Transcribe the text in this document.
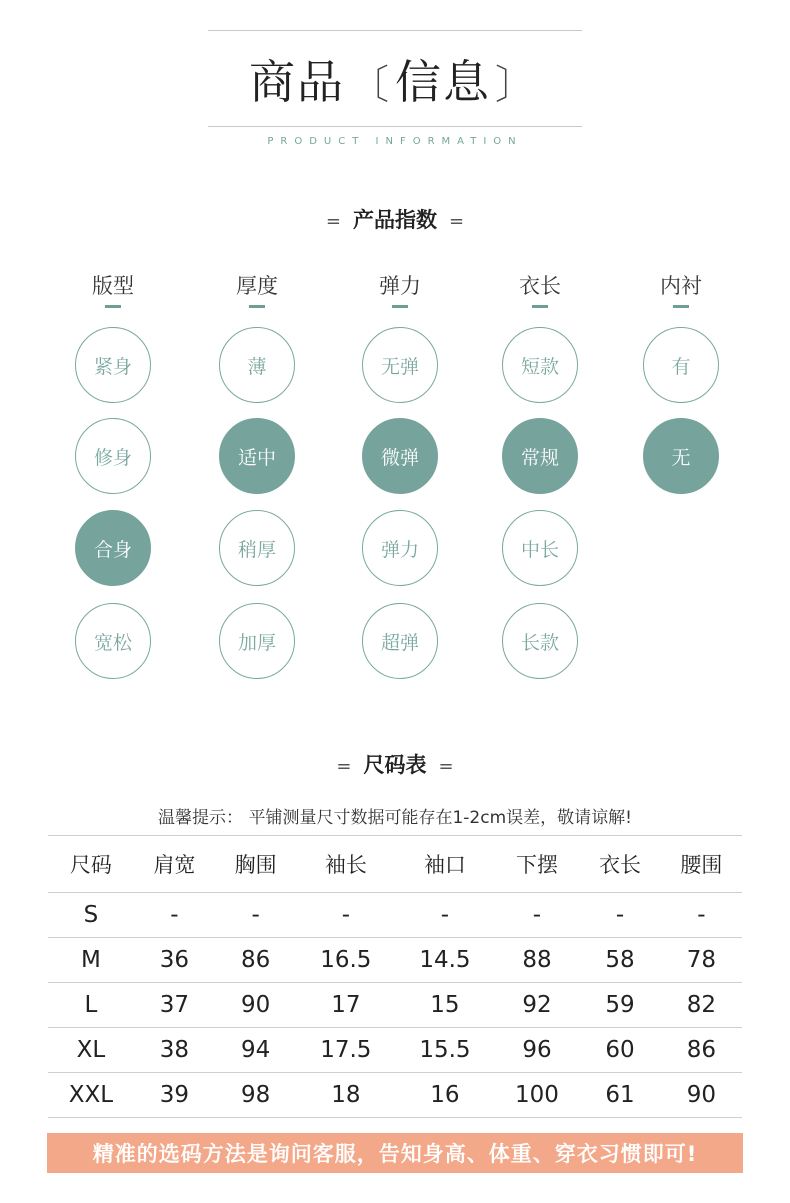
商品 〔信息 〕
PRODUCT INFORMATION
= 产品指数 =
版型
紧身
修身
合身
宽松
厚度
薄
适中
稍厚
加厚
弹力
无弹
微弹
弹力
超弹
衣长
短款
常规
中长
长款
内衬
有
无
= 尺码表 =
温馨提示： 平铺测量尺寸数据可能存在1-2cm误差，敬请谅解!
尺码	肩宽	胸围	袖长	袖口	下摆	衣长	腰围
S	-	-	-	-	-	-	-
M	36	86	16.5	14.5	88	58	78
L	37	90	17	15	92	59	82
XL	38	94	17.5	15.5	96	60	86
XXL	39	98	18	16	100	61	90
精准的选码方法是询问客服，告知身高、体重、穿衣习惯即可!
